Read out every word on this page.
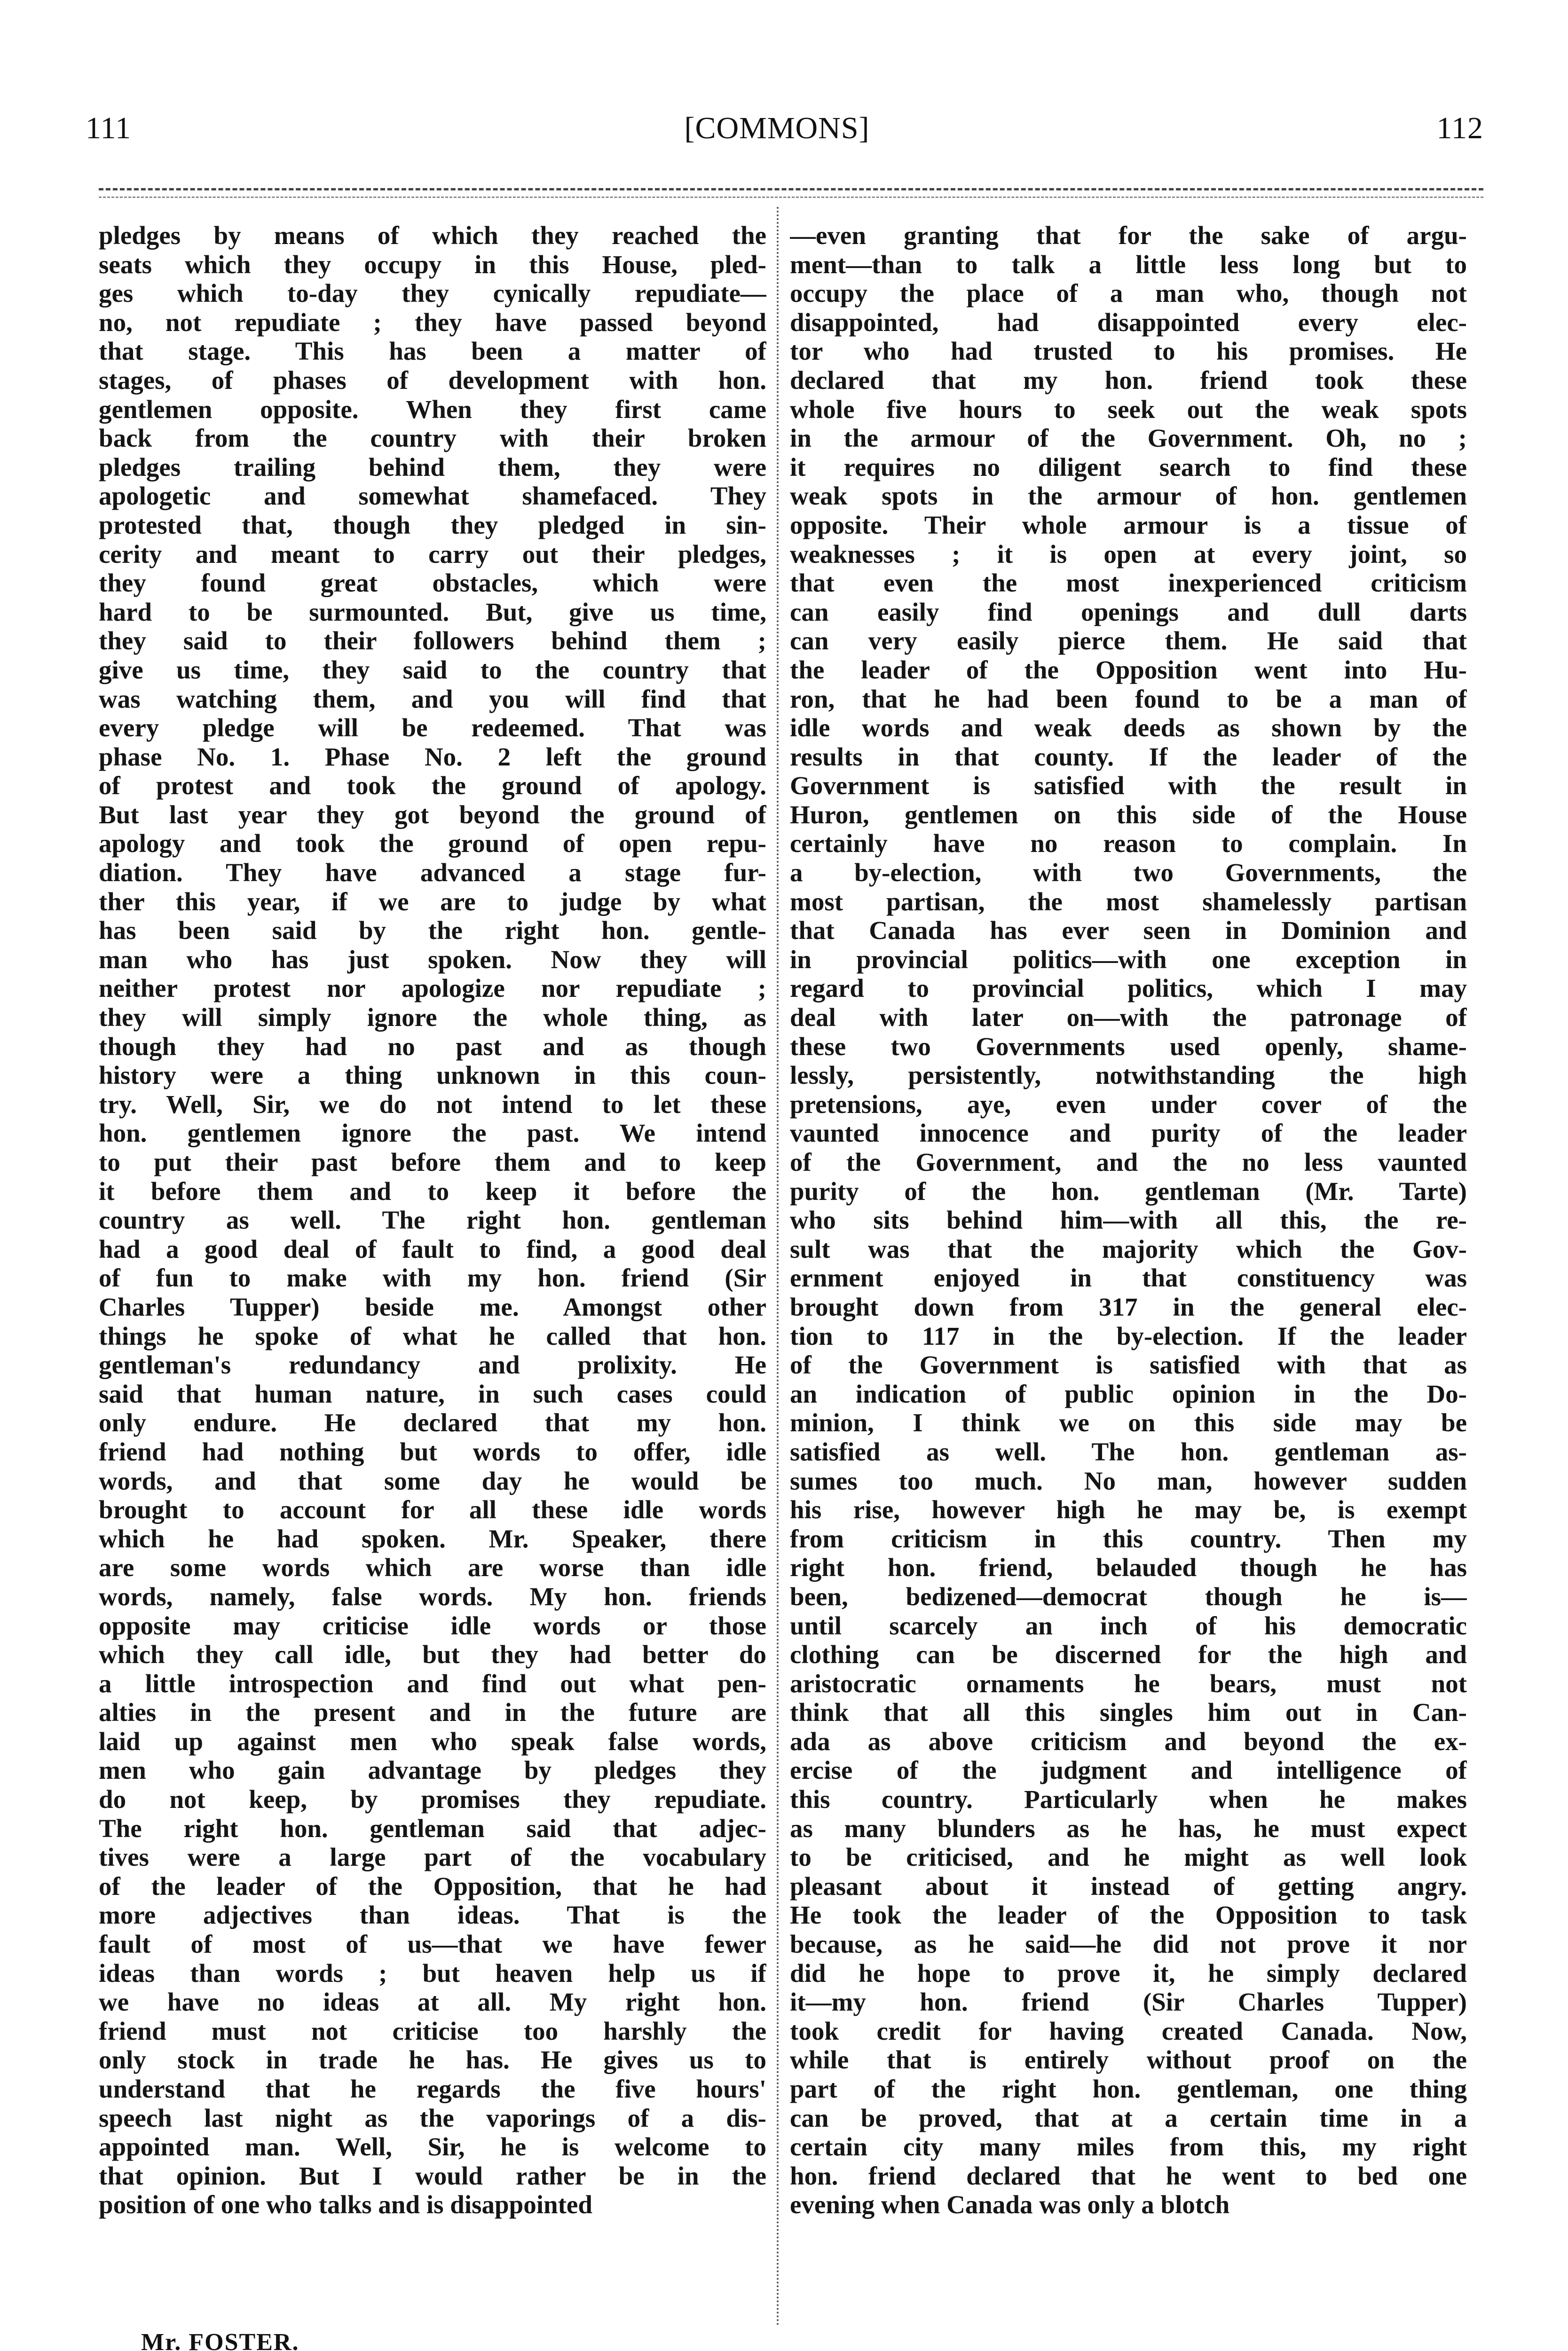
111	[COMMONS]	112
pledges by means of which they reached the
seats which they occupy in this House, pled-
ges which to-day they cynically repudiate—
no, not repudiate ; they have passed beyond
that stage. This has been a matter of
stages, of phases of development with hon.
gentlemen opposite. When they first came
back from the country with their broken
pledges trailing behind them, they were
apologetic and somewhat shamefaced. They
protested that, though they pledged in sin-
cerity and meant to carry out their pledges,
they found great obstacles, which were
hard to be surmounted. But, give us time,
they said to their followers behind them ;
give us time, they said to the country that
was watching them, and you will find that
every pledge will be redeemed. That was
phase No. 1. Phase No. 2 left the ground
of protest and took the ground of apology.
But last year they got beyond the ground of
apology and took the ground of open repu-
diation. They have advanced a stage fur-
ther this year, if we are to judge by what
has been said by the right hon. gentle-
man who has just spoken. Now they will
neither protest nor apologize nor repudiate ;
they will simply ignore the whole thing, as
though they had no past and as though
history were a thing unknown in this coun-
try. Well, Sir, we do not intend to let these
hon. gentlemen ignore the past. We intend
to put their past before them and to keep
it before them and to keep it before the
country as well. The right hon. gentleman
had a good deal of fault to find, a good deal
of fun to make with my hon. friend (Sir
Charles Tupper) beside me. Amongst other
things he spoke of what he called that hon.
gentleman's redundancy and prolixity. He
said that human nature, in such cases could
only endure. He declared that my hon.
friend had nothing but words to offer, idle
words, and that some day he would be
brought to account for all these idle words
which he had spoken. Mr. Speaker, there
are some words which are worse than idle
words, namely, false words. My hon. friends
opposite may criticise idle words or those
which they call idle, but they had better do
a little introspection and find out what pen-
alties in the present and in the future are
laid up against men who speak false words,
men who gain advantage by pledges they
do not keep, by promises they repudiate.
The right hon. gentleman said that adjec-
tives were a large part of the vocabulary
of the leader of the Opposition, that he had
more adjectives than ideas. That is the
fault of most of us—that we have fewer
ideas than words ; but heaven help us if
we have no ideas at all. My right hon.
friend must not criticise too harshly the
only stock in trade he has. He gives us to
understand that he regards the five hours'
speech last night as the vaporings of a dis-
appointed man. Well, Sir, he is welcome to
that opinion. But I would rather be in the
position of one who talks and is disappointed
—even granting that for the sake of argu-
ment—than to talk a little less long but to
occupy the place of a man who, though not
disappointed, had disappointed every elec-
tor who had trusted to his promises. He
declared that my hon. friend took these
whole five hours to seek out the weak spots
in the armour of the Government. Oh, no ;
it requires no diligent search to find these
weak spots in the armour of hon. gentlemen
opposite. Their whole armour is a tissue of
weaknesses ; it is open at every joint, so
that even the most inexperienced criticism
can easily find openings and dull darts
can very easily pierce them. He said that
the leader of the Opposition went into Hu-
ron, that he had been found to be a man of
idle words and weak deeds as shown by the
results in that county. If the leader of the
Government is satisfied with the result in
Huron, gentlemen on this side of the House
certainly have no reason to complain. In
a by-election, with two Governments, the
most partisan, the most shamelessly partisan
that Canada has ever seen in Dominion and
in provincial politics—with one exception in
regard to provincial politics, which I may
deal with later on—with the patronage of
these two Governments used openly, shame-
lessly, persistently, notwithstanding the high
pretensions, aye, even under cover of the
vaunted innocence and purity of the leader
of the Government, and the no less vaunted
purity of the hon. gentleman (Mr. Tarte)
who sits behind him—with all this, the re-
sult was that the majority which the Gov-
ernment enjoyed in that constituency was
brought down from 317 in the general elec-
tion to 117 in the by-election. If the leader
of the Government is satisfied with that as
an indication of public opinion in the Do-
minion, I think we on this side may be
satisfied as well. The hon. gentleman as-
sumes too much. No man, however sudden
his rise, however high he may be, is exempt
from criticism in this country. Then my
right hon. friend, belauded though he has
been, bedizened—democrat though he is—
until scarcely an inch of his democratic
clothing can be discerned for the high and
aristocratic ornaments he bears, must not
think that all this singles him out in Can-
ada as above criticism and beyond the ex-
ercise of the judgment and intelligence of
this country. Particularly when he makes
as many blunders as he has, he must expect
to be criticised, and he might as well look
pleasant about it instead of getting angry.
He took the leader of the Opposition to task
because, as he said—he did not prove it nor
did he hope to prove it, he simply declared
it—my hon. friend (Sir Charles Tupper)
took credit for having created Canada. Now,
while that is entirely without proof on the
part of the right hon. gentleman, one thing
can be proved, that at a certain time in a
certain city many miles from this, my right
hon. friend declared that he went to bed one
evening when Canada was only a blotch
Mr. FOSTER.
